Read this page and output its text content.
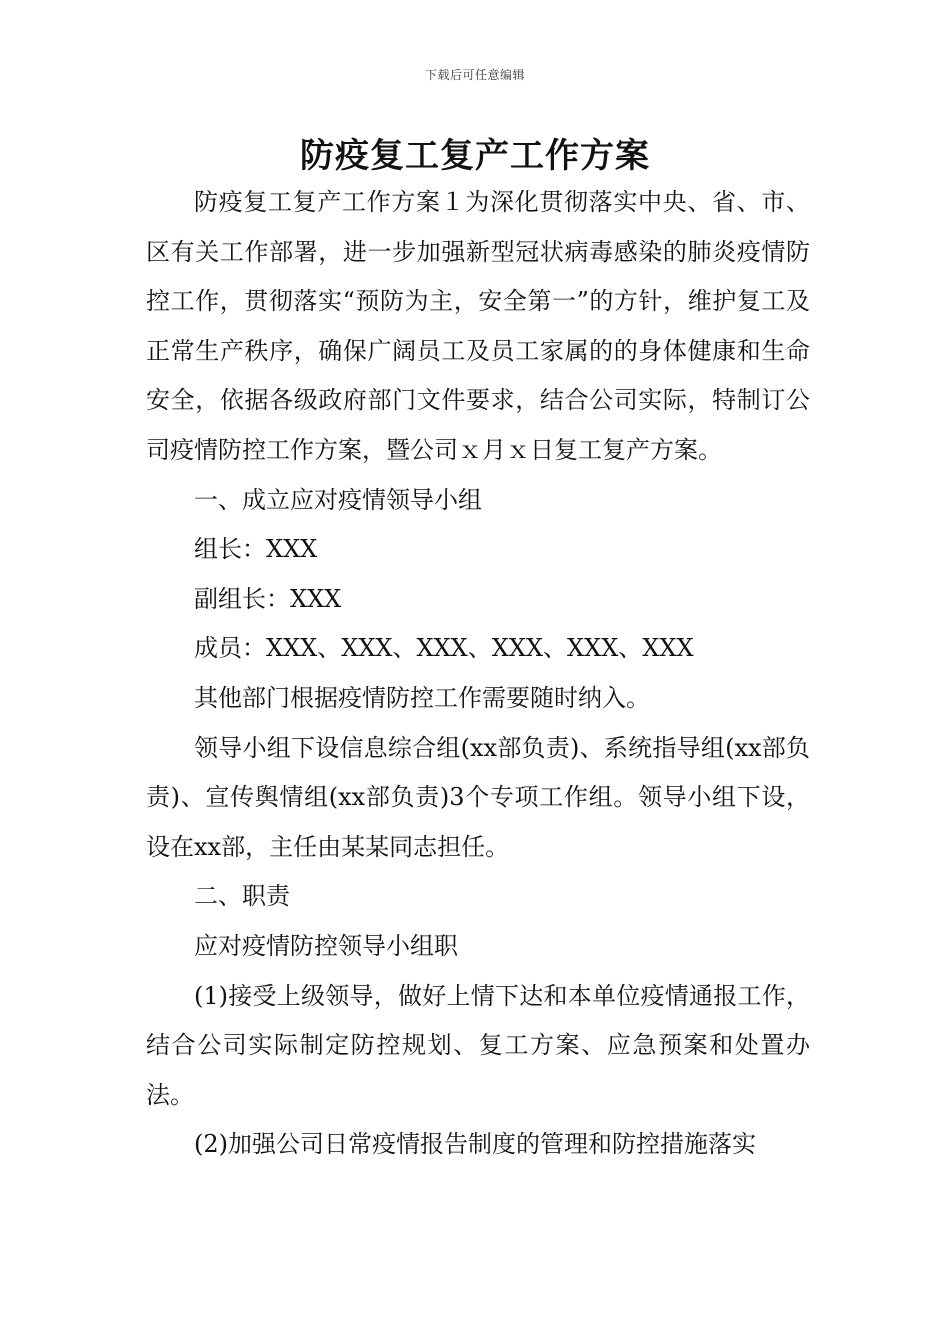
下载后可任意编辑
防疫复工复产工作方案

防疫复工复产工作方案１为深化贯彻落实中央、省、市、区有关工作部署，进一步加强新型冠状病毒感染的肺炎疫情防控工作，贯彻落实“预防为主，安全第一”的方针，维护复工及正常生产秩序，确保广阔员工及员工家属的的身体健康和生命安全，依据各级政府部门文件要求，结合公司实际，特制订公司疫情防控工作方案，暨公司ｘ月ｘ日复工复产方案。

一、成立应对疫情领导小组

组长：XXX

副组长：XXX

成员：XXX、XXX、XXX、XXX、XXX、XXX

其他部门根据疫情防控工作需要随时纳入。

领导小组下设信息综合组(xx部负责)、系统指导组(xx部负责)、宣传舆情组(xx部负责)3个专项工作组。领导小组下设，设在xx部，主任由某某同志担任。

二、职责

应对疫情防控领导小组职

(1)接受上级领导，做好上情下达和本单位疫情通报工作，结合公司实际制定防控规划、复工方案、应急预案和处置办法。

(2)加强公司日常疫情报告制度的管理和防控措施落实
